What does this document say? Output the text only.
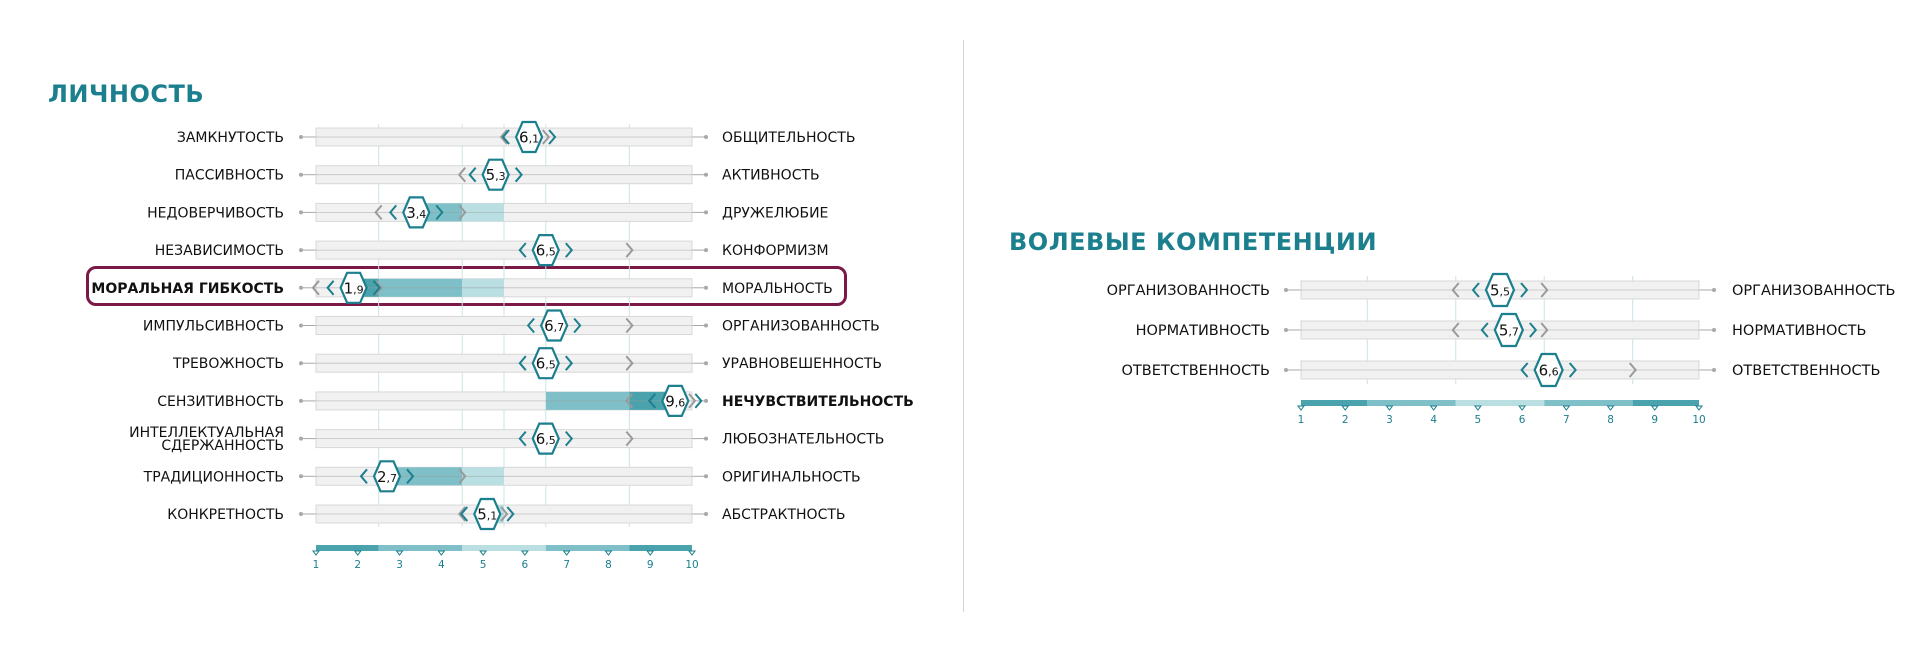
ЛИЧНОСТЬ
ВОЛЕВЫЕ КОМПЕТЕНЦИИ
6,1
ЗАМКНУТОСТЬ	ОБЩИТЕЛЬНОСТЬ
5,3
ПАССИВНОСТЬ	АКТИВНОСТЬ
3,4
НЕДОВЕРЧИВОСТЬ	ДРУЖЕЛЮБИЕ
6,5
НЕЗАВИСИМОСТЬ	КОНФОРМИЗМ
1,9
МОРАЛЬНАЯ ГИБКОСТЬ	МОРАЛЬНОСТЬ
6,7
ИМПУЛЬСИВНОСТЬ	ОРГАНИЗОВАННОСТЬ
6,5
ТРЕВОЖНОСТЬ	УРАВНОВЕШЕННОСТЬ
9,6
СЕНЗИТИВНОСТЬ	НЕЧУВСТВИТЕЛЬНОСТЬ
6,5
ИНТЕЛЛЕКТУАЛЬНАЯ
СДЕРЖАННОСТЬ	ЛЮБОЗНАТЕЛЬНОСТЬ
2,7
ТРАДИЦИОННОСТЬ	ОРИГИНАЛЬНОСТЬ
5,1
КОНКРЕТНОСТЬ	АБСТРАКТНОСТЬ
1	2	3	4	5	6	7	8	9	10
5,5
ОРГАНИЗОВАННОСТЬ	ОРГАНИЗОВАННОСТЬ
5,7
НОРМАТИВНОСТЬ	НОРМАТИВНОСТЬ
6,6
ОТВЕТСТВЕННОСТЬ	ОТВЕТСТВЕННОСТЬ
1	2	3	4	5	6	7	8	9	10
